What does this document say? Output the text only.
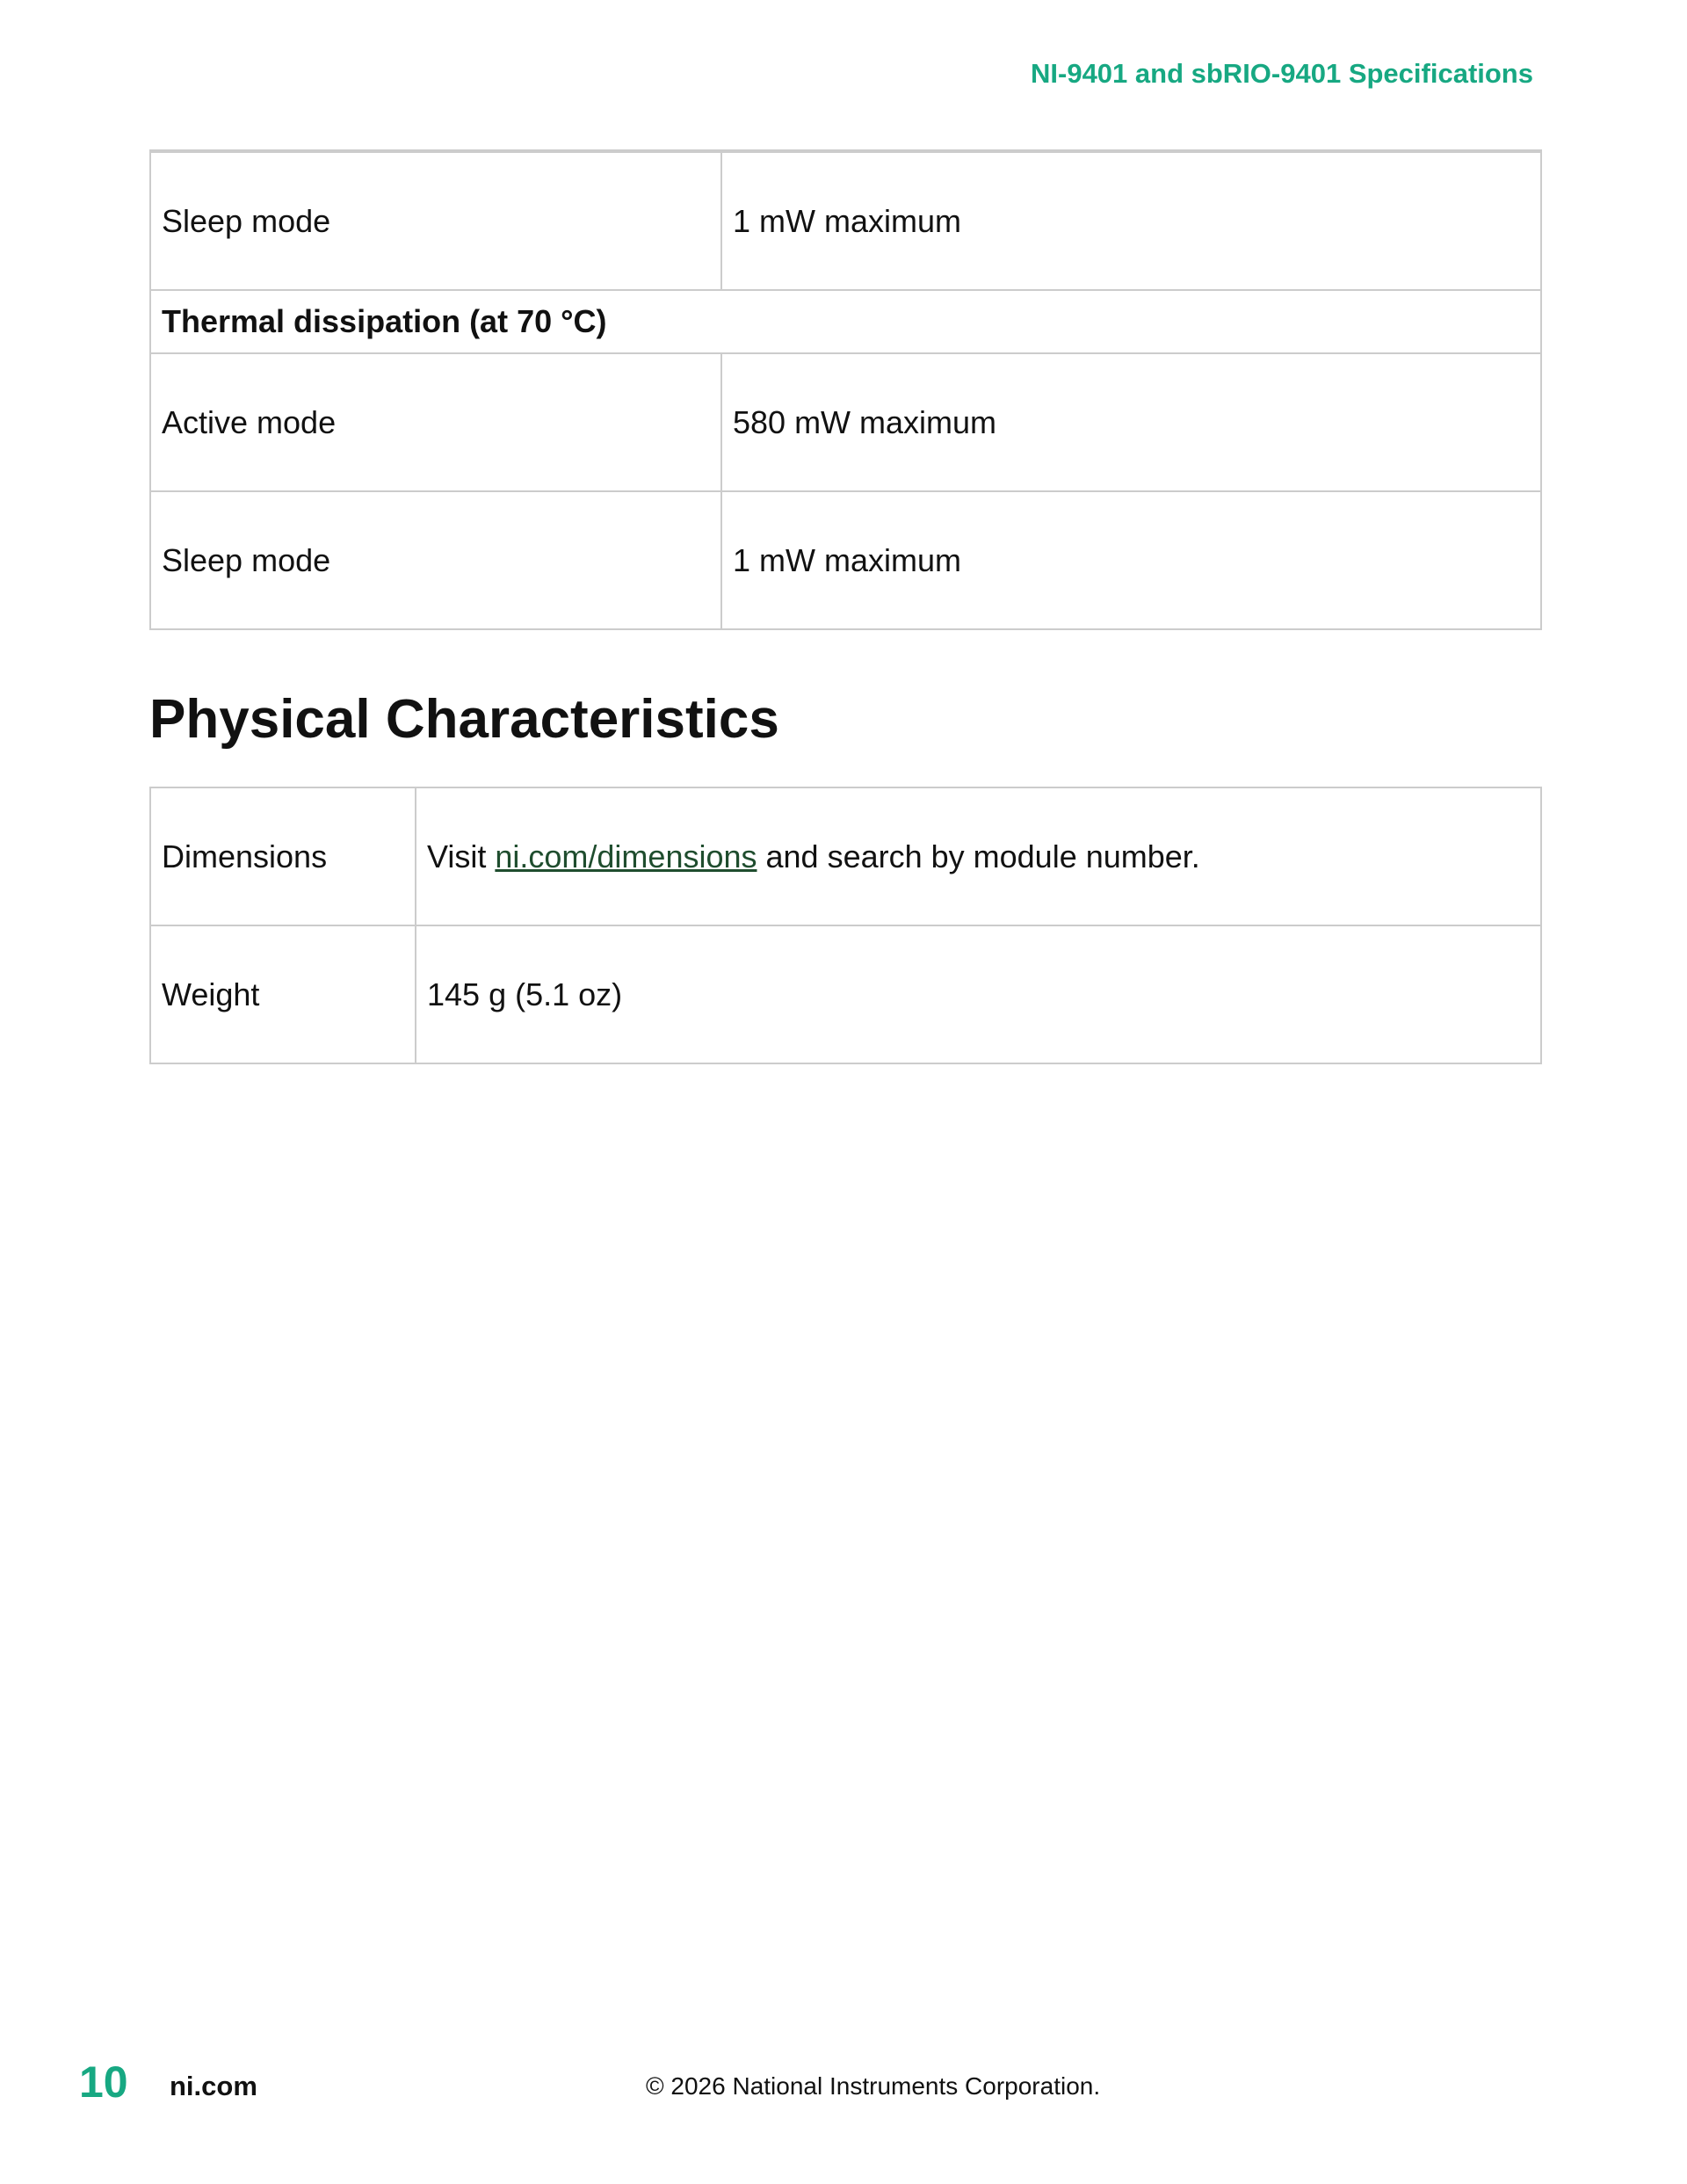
NI-9401 and sbRIO-9401 Specifications
Sleep mode	1 mW maximum
Thermal dissipation (at 70 °C)	
Active mode	580 mW maximum
Sleep mode	1 mW maximum
Physical Characteristics
Dimensions	Visit ni.com/dimensions and search by module number.
Weight	145 g (5.1 oz)
10 ni.com	© 2026 National Instruments Corporation.
